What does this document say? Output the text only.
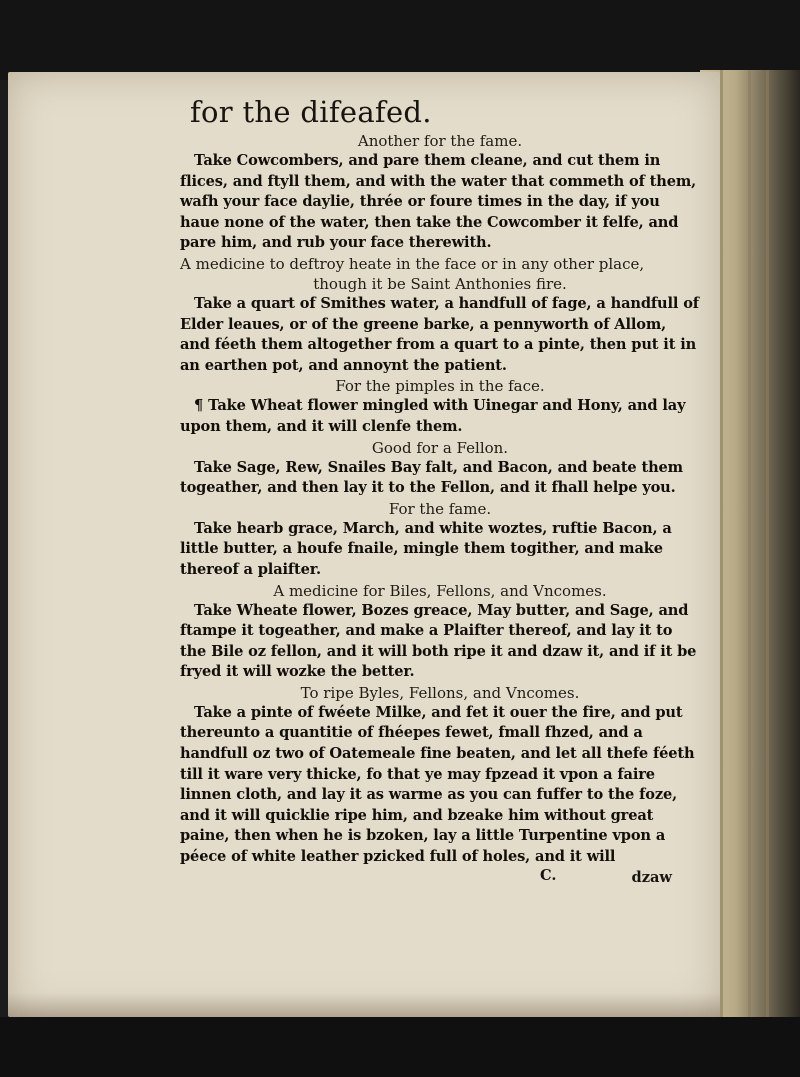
for the difeafed.

Another for the fame.

Take Cowcombers, and pare them cleane, and cut them in flices, and ftyll them, and with the water that commeth of them, wafh your face daylie, thrée or foure times in the day, if you haue none of the water, then take the Cowcomber it felfe, and pare him, and rub your face therewith.

A medicine to deftroy heate in the face or in any other place,

though it be Saint Anthonies fire.

Take a quart of Smithes water, a handfull of fage, a handfull of Elder leaues, or of the greene barke, a pennyworth of Allom, and féeth them altogether from a quart to a pinte, then put it in an earthen pot, and annoynt the patient.

For the pimples in the face.

¶ Take Wheat flower mingled with Uinegar and Hony, and lay upon them, and it will clenfe them.

Good for a Fellon.

Take Sage, Rew, Snailes Bay falt, and Bacon, and beate them togeather, and then lay it to the Fellon, and it fhall helpe you.

For the fame.

Take hearb grace, March, and white woztes, ruftie Bacon, a little butter, a houfe fnaile, mingle them togither, and make thereof a plaifter.

A medicine for Biles, Fellons, and Vncomes.

Take Wheate flower, Bozes greace, May butter, and Sage, and ftampe it togeather, and make a Plaifter thereof, and lay it to the Bile oz fellon, and it will both ripe it and dzaw it, and if it be fryed it will wozke the better.

To ripe Byles, Fellons, and Vncomes.

Take a pinte of fwéete Milke, and fet it ouer the fire, and put thereunto a quantitie of fhéepes fewet, fmall fhzed, and a handfull oz two of Oatemeale fine beaten, and let all thefe féeth till it ware very thicke, fo that ye may fpzead it vpon a faire linnen cloth, and lay it as warme as you can fuffer to the foze, and it will quicklie ripe him, and bzeake him without great paine, then when he is bzoken, lay a little Turpentine vpon a péece of white leather pzicked full of holes, and it will

C.	dzaw
